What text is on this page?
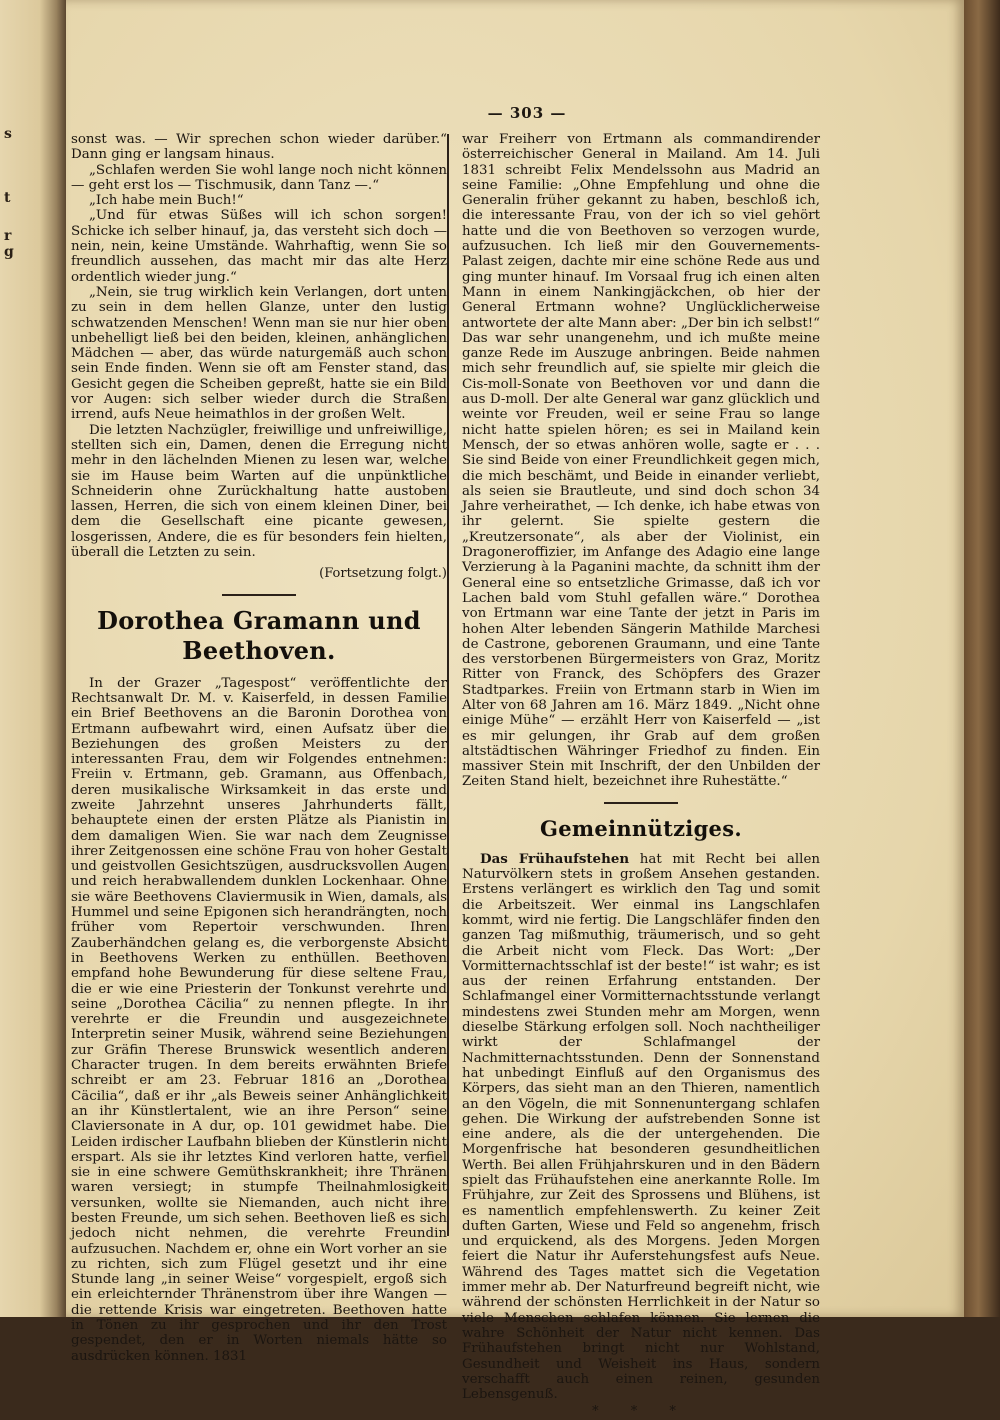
s
t
r
g
— 303 —

sonst was. — Wir sprechen schon wieder darüber.“ Dann ging er langsam hinaus.

„Schlafen werden Sie wohl lange noch nicht können — geht erst los — Tischmusik, dann Tanz —.“

„Ich habe mein Buch!“

„Und für etwas Süßes will ich schon sorgen! Schicke ich selber hinauf, ja, das versteht sich doch — nein, nein, keine Umstände. Wahrhaftig, wenn Sie so freundlich aussehen, das macht mir das alte Herz ordentlich wieder jung.“

„Nein, sie trug wirklich kein Verlangen, dort unten zu sein in dem hellen Glanze, unter den lustig schwatzenden Menschen! Wenn man sie nur hier oben unbehelligt ließ bei den beiden, kleinen, anhänglichen Mädchen — aber, das würde naturgemäß auch schon sein Ende finden. Wenn sie oft am Fenster stand, das Gesicht gegen die Scheiben gepreßt, hatte sie ein Bild vor Augen: sich selber wieder durch die Straßen irrend, aufs Neue heimathlos in der großen Welt.

Die letzten Nachzügler, freiwillige und unfreiwillige, stellten sich ein, Damen, denen die Erregung nicht mehr in den lächelnden Mienen zu lesen war, welche sie im Hause beim Warten auf die unpünktliche Schneiderin ohne Zurückhaltung hatte austoben lassen, Herren, die sich von einem kleinen Diner, bei dem die Gesellschaft eine picante gewesen, losgerissen, Andere, die es für besonders fein hielten, überall die Letzten zu sein.

(Fortsetzung folgt.)
Dorothea Gramann und Beethoven.

In der Grazer „Tagespost“ veröffentlichte der Rechtsanwalt Dr. M. v. Kaiserfeld, in dessen Familie ein Brief Beethovens an die Baronin Dorothea von Ertmann aufbewahrt wird, einen Aufsatz über die Beziehungen des großen Meisters zu der interessanten Frau, dem wir Folgendes entnehmen: Freiin v. Ertmann, geb. Gramann, aus Offenbach, deren musikalische Wirksamkeit in das erste und zweite Jahrzehnt unseres Jahrhunderts fällt, behauptete einen der ersten Plätze als Pianistin in dem damaligen Wien. Sie war nach dem Zeugnisse ihrer Zeitgenossen eine schöne Frau von hoher Gestalt und geistvollen Gesichtszügen, ausdrucksvollen Augen und reich herabwallendem dunklen Lockenhaar. Ohne sie wäre Beethovens Claviermusik in Wien, damals, als Hummel und seine Epigonen sich herandrängten, noch früher vom Repertoir verschwunden. Ihren Zauberhändchen gelang es, die verborgenste Absicht in Beethovens Werken zu enthüllen. Beethoven empfand hohe Bewunderung für diese seltene Frau, die er wie eine Priesterin der Tonkunst verehrte und seine „Dorothea Cäcilia“ zu nennen pflegte. In ihr verehrte er die Freundin und ausgezeichnete Interpretin seiner Musik, während seine Beziehungen zur Gräfin Therese Brunswick wesentlich anderen Character trugen. In dem bereits erwähnten Briefe schreibt er am 23. Februar 1816 an „Dorothea Cäcilia“, daß er ihr „als Beweis seiner Anhänglichkeit an ihr Künstlertalent, wie an ihre Person“ seine Claviersonate in A dur, op. 101 gewidmet habe. Die Leiden irdischer Laufbahn blieben der Künstlerin nicht erspart. Als sie ihr letztes Kind verloren hatte, verfiel sie in eine schwere Gemüthskrankheit; ihre Thränen waren versiegt; in stumpfe Theilnahmlosigkeit versunken, wollte sie Niemanden, auch nicht ihre besten Freunde, um sich sehen. Beethoven ließ es sich jedoch nicht nehmen, die verehrte Freundin aufzusuchen. Nachdem er, ohne ein Wort vorher an sie zu richten, sich zum Flügel gesetzt und ihr eine Stunde lang „in seiner Weise“ vorgespielt, ergoß sich ein erleichternder Thränenstrom über ihre Wangen — die rettende Krisis war eingetreten. Beethoven hatte in Tönen zu ihr gesprochen und ihr den Trost gespendet, den er in Worten niemals hätte so ausdrücken können. 1831

war Freiherr von Ertmann als commandirender österreichischer General in Mailand. Am 14. Juli 1831 schreibt Felix Mendelssohn aus Madrid an seine Familie: „Ohne Empfehlung und ohne die Generalin früher gekannt zu haben, beschloß ich, die interessante Frau, von der ich so viel gehört hatte und die von Beethoven so verzogen wurde, aufzusuchen. Ich ließ mir den Gouvernements-Palast zeigen, dachte mir eine schöne Rede aus und ging munter hinauf. Im Vorsaal frug ich einen alten Mann in einem Nankingjäckchen, ob hier der General Ertmann wohne? Unglücklicherweise antwortete der alte Mann aber: „Der bin ich selbst!“ Das war sehr unangenehm, und ich mußte meine ganze Rede im Auszuge anbringen. Beide nahmen mich sehr freundlich auf, sie spielte mir gleich die Cis-moll-Sonate von Beethoven vor und dann die aus D-moll. Der alte General war ganz glücklich und weinte vor Freuden, weil er seine Frau so lange nicht hatte spielen hören; es sei in Mailand kein Mensch, der so etwas anhören wolle, sagte er . . . Sie sind Beide von einer Freundlichkeit gegen mich, die mich beschämt, und Beide in einander verliebt, als seien sie Brautleute, und sind doch schon 34 Jahre verheirathet, — Ich denke, ich habe etwas von ihr gelernt. Sie spielte gestern die „Kreutzersonate“, als aber der Violinist, ein Dragoneroffizier, im Anfange des Adagio eine lange Verzierung à la Paganini machte, da schnitt ihm der General eine so entsetzliche Grimasse, daß ich vor Lachen bald vom Stuhl gefallen wäre.“ Dorothea von Ertmann war eine Tante der jetzt in Paris im hohen Alter lebenden Sängerin Mathilde Marchesi de Castrone, geborenen Graumann, und eine Tante des verstorbenen Bürgermeisters von Graz, Moritz Ritter von Franck, des Schöpfers des Grazer Stadtparkes. Freiin von Ertmann starb in Wien im Alter von 68 Jahren am 16. März 1849. „Nicht ohne einige Mühe“ — erzählt Herr von Kaiserfeld — „ist es mir gelungen, ihr Grab auf dem großen altstädtischen Währinger Friedhof zu finden. Ein massiver Stein mit Inschrift, der den Unbilden der Zeiten Stand hielt, bezeichnet ihre Ruhestätte.“

Gemeinnütziges.

Das Frühaufstehen hat mit Recht bei allen Naturvölkern stets in großem Ansehen gestanden. Erstens verlängert es wirklich den Tag und somit die Arbeitszeit. Wer einmal ins Langschlafen kommt, wird nie fertig. Die Langschläfer finden den ganzen Tag mißmuthig, träumerisch, und so geht die Arbeit nicht vom Fleck. Das Wort: „Der Vormitternachtsschlaf ist der beste!“ ist wahr; es ist aus der reinen Erfahrung entstanden. Der Schlafmangel einer Vormitternachtsstunde verlangt mindestens zwei Stunden mehr am Morgen, wenn dieselbe Stärkung erfolgen soll. Noch nachtheiliger wirkt der Schlafmangel der Nachmitternachtsstunden. Denn der Sonnenstand hat unbedingt Einfluß auf den Organismus des Körpers, das sieht man an den Thieren, namentlich an den Vögeln, die mit Sonnenuntergang schlafen gehen. Die Wirkung der aufstrebenden Sonne ist eine andere, als die der untergehenden. Die Morgenfrische hat besonderen gesundheitlichen Werth. Bei allen Frühjahrskuren und in den Bädern spielt das Frühaufstehen eine anerkannte Rolle. Im Frühjahre, zur Zeit des Sprossens und Blühens, ist es namentlich empfehlenswerth. Zu keiner Zeit duften Garten, Wiese und Feld so angenehm, frisch und erquickend, als des Morgens. Jeden Morgen feiert die Natur ihr Auferstehungsfest aufs Neue. Während des Tages mattet sich die Vegetation immer mehr ab. Der Naturfreund begreift nicht, wie während der schönsten Herrlichkeit in der Natur so viele Menschen schlafen können. Sie lernen die wahre Schönheit der Natur nicht kennen. Das Frühaufstehen bringt nicht nur Wohlstand, Gesundheit und Weisheit ins Haus, sondern verschafft auch einen reinen, gesunden Lebensgenuß.

* * *
